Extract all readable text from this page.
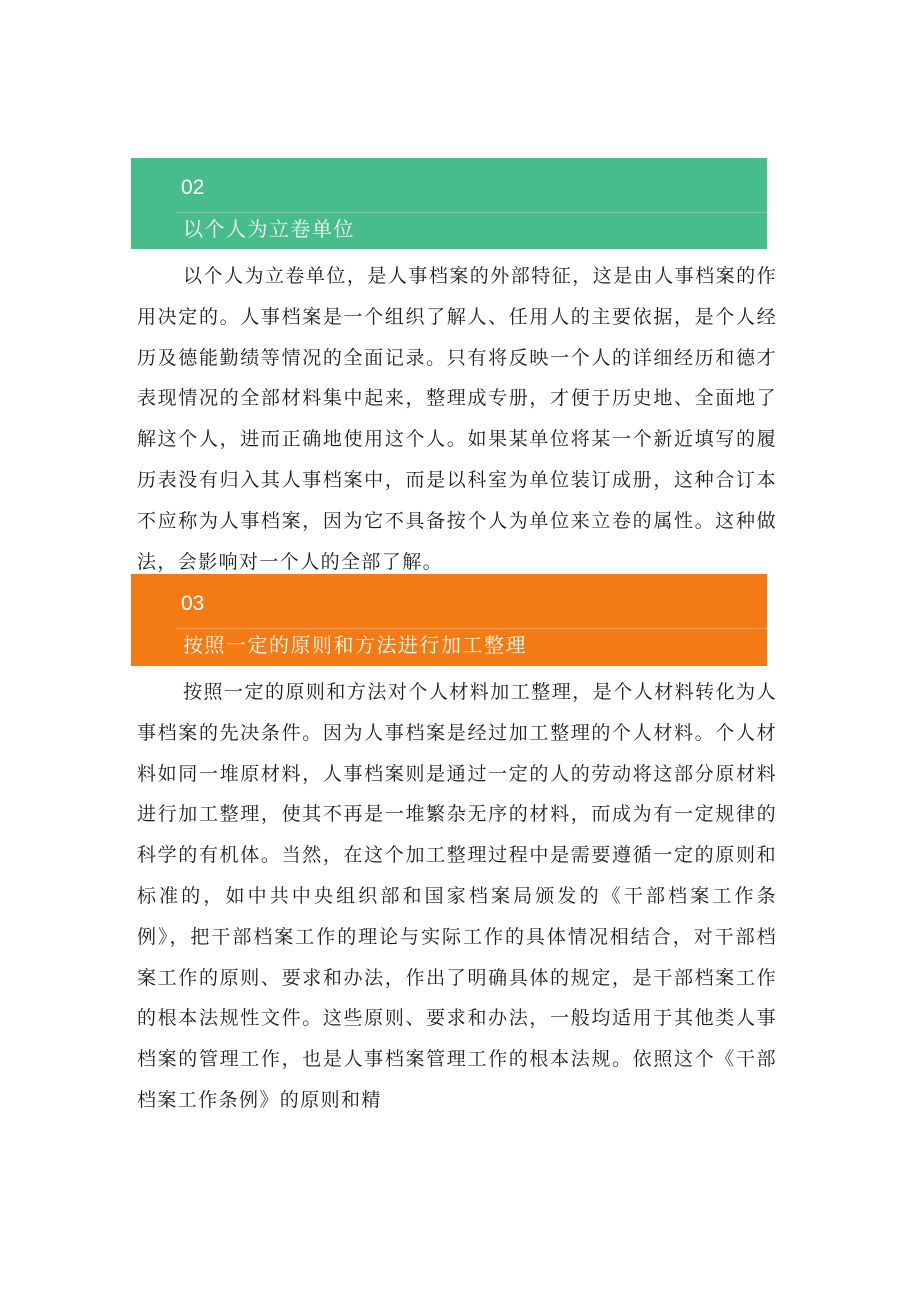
02
以个人为立卷单位

以个人为立卷单位，是人事档案的外部特征，这是由人事档案的作用决定的。人事档案是一个组织了解人、任用人的主要依据，是个人经历及德能勤绩等情况的全面记录。只有将反映一个人的详细经历和德才表现情况的全部材料集中起来，整理成专册，才便于历史地、全面地了解这个人，进而正确地使用这个人。如果某单位将某一个新近填写的履历表没有归入其人事档案中，而是以科室为单位装订成册，这种合订本不应称为人事档案，因为它不具备按个人为单位来立卷的属性。这种做法，会影响对一个人的全部了解。

03
按照一定的原则和方法进行加工整理

按照一定的原则和方法对个人材料加工整理，是个人材料转化为人事档案的先决条件。因为人事档案是经过加工整理的个人材料。个人材料如同一堆原材料，人事档案则是通过一定的人的劳动将这部分原材料进行加工整理，使其不再是一堆繁杂无序的材料，而成为有一定规律的科学的有机体。当然，在这个加工整理过程中是需要遵循一定的原则和标准的，如中共中央组织部和国家档案局颁发的《干部档案工作条例》，把干部档案工作的理论与实际工作的具体情况相结合，对干部档案工作的原则、要求和办法，作出了明确具体的规定，是干部档案工作的根本法规性文件。这些原则、要求和办法，一般均适用于其他类人事档案的管理工作，也是人事档案管理工作的根本法规。依照这个《干部档案工作条例》的原则和精
